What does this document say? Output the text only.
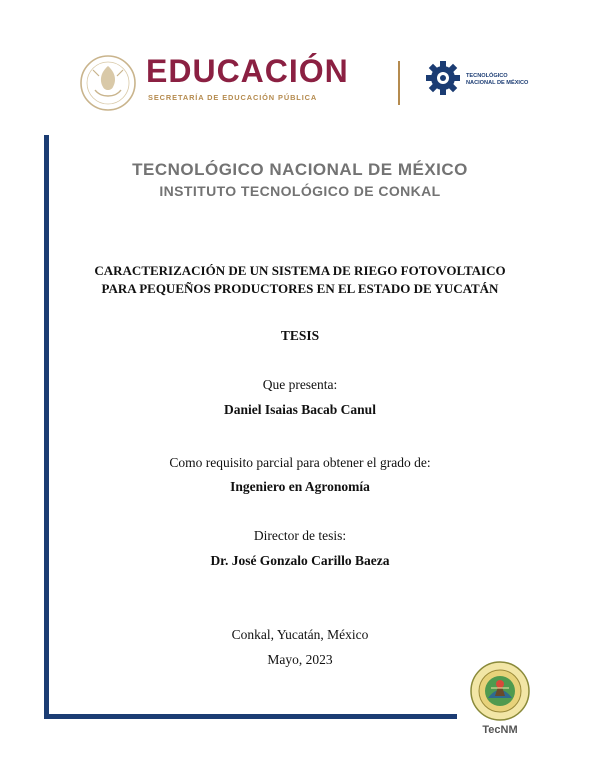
EDUCACIÓN
SECRETARÍA DE EDUCACIÓN PÚBLICA
TECNOLÓGICO
NACIONAL DE MÉXICO
TECNOLÓGICO NACIONAL DE MÉXICO
INSTITUTO TECNOLÓGICO DE CONKAL
CARACTERIZACIÓN DE UN SISTEMA DE RIEGO FOTOVOLTAICO
PARA PEQUEÑOS PRODUCTORES EN EL ESTADO DE YUCATÁN
TESIS
Que presenta:
Daniel Isaias Bacab Canul
Como requisito parcial para obtener el grado de:
Ingeniero en Agronomía
Director de tesis:
Dr. José Gonzalo Carillo Baeza
Conkal, Yucatán, México
Mayo, 2023
TecNM
